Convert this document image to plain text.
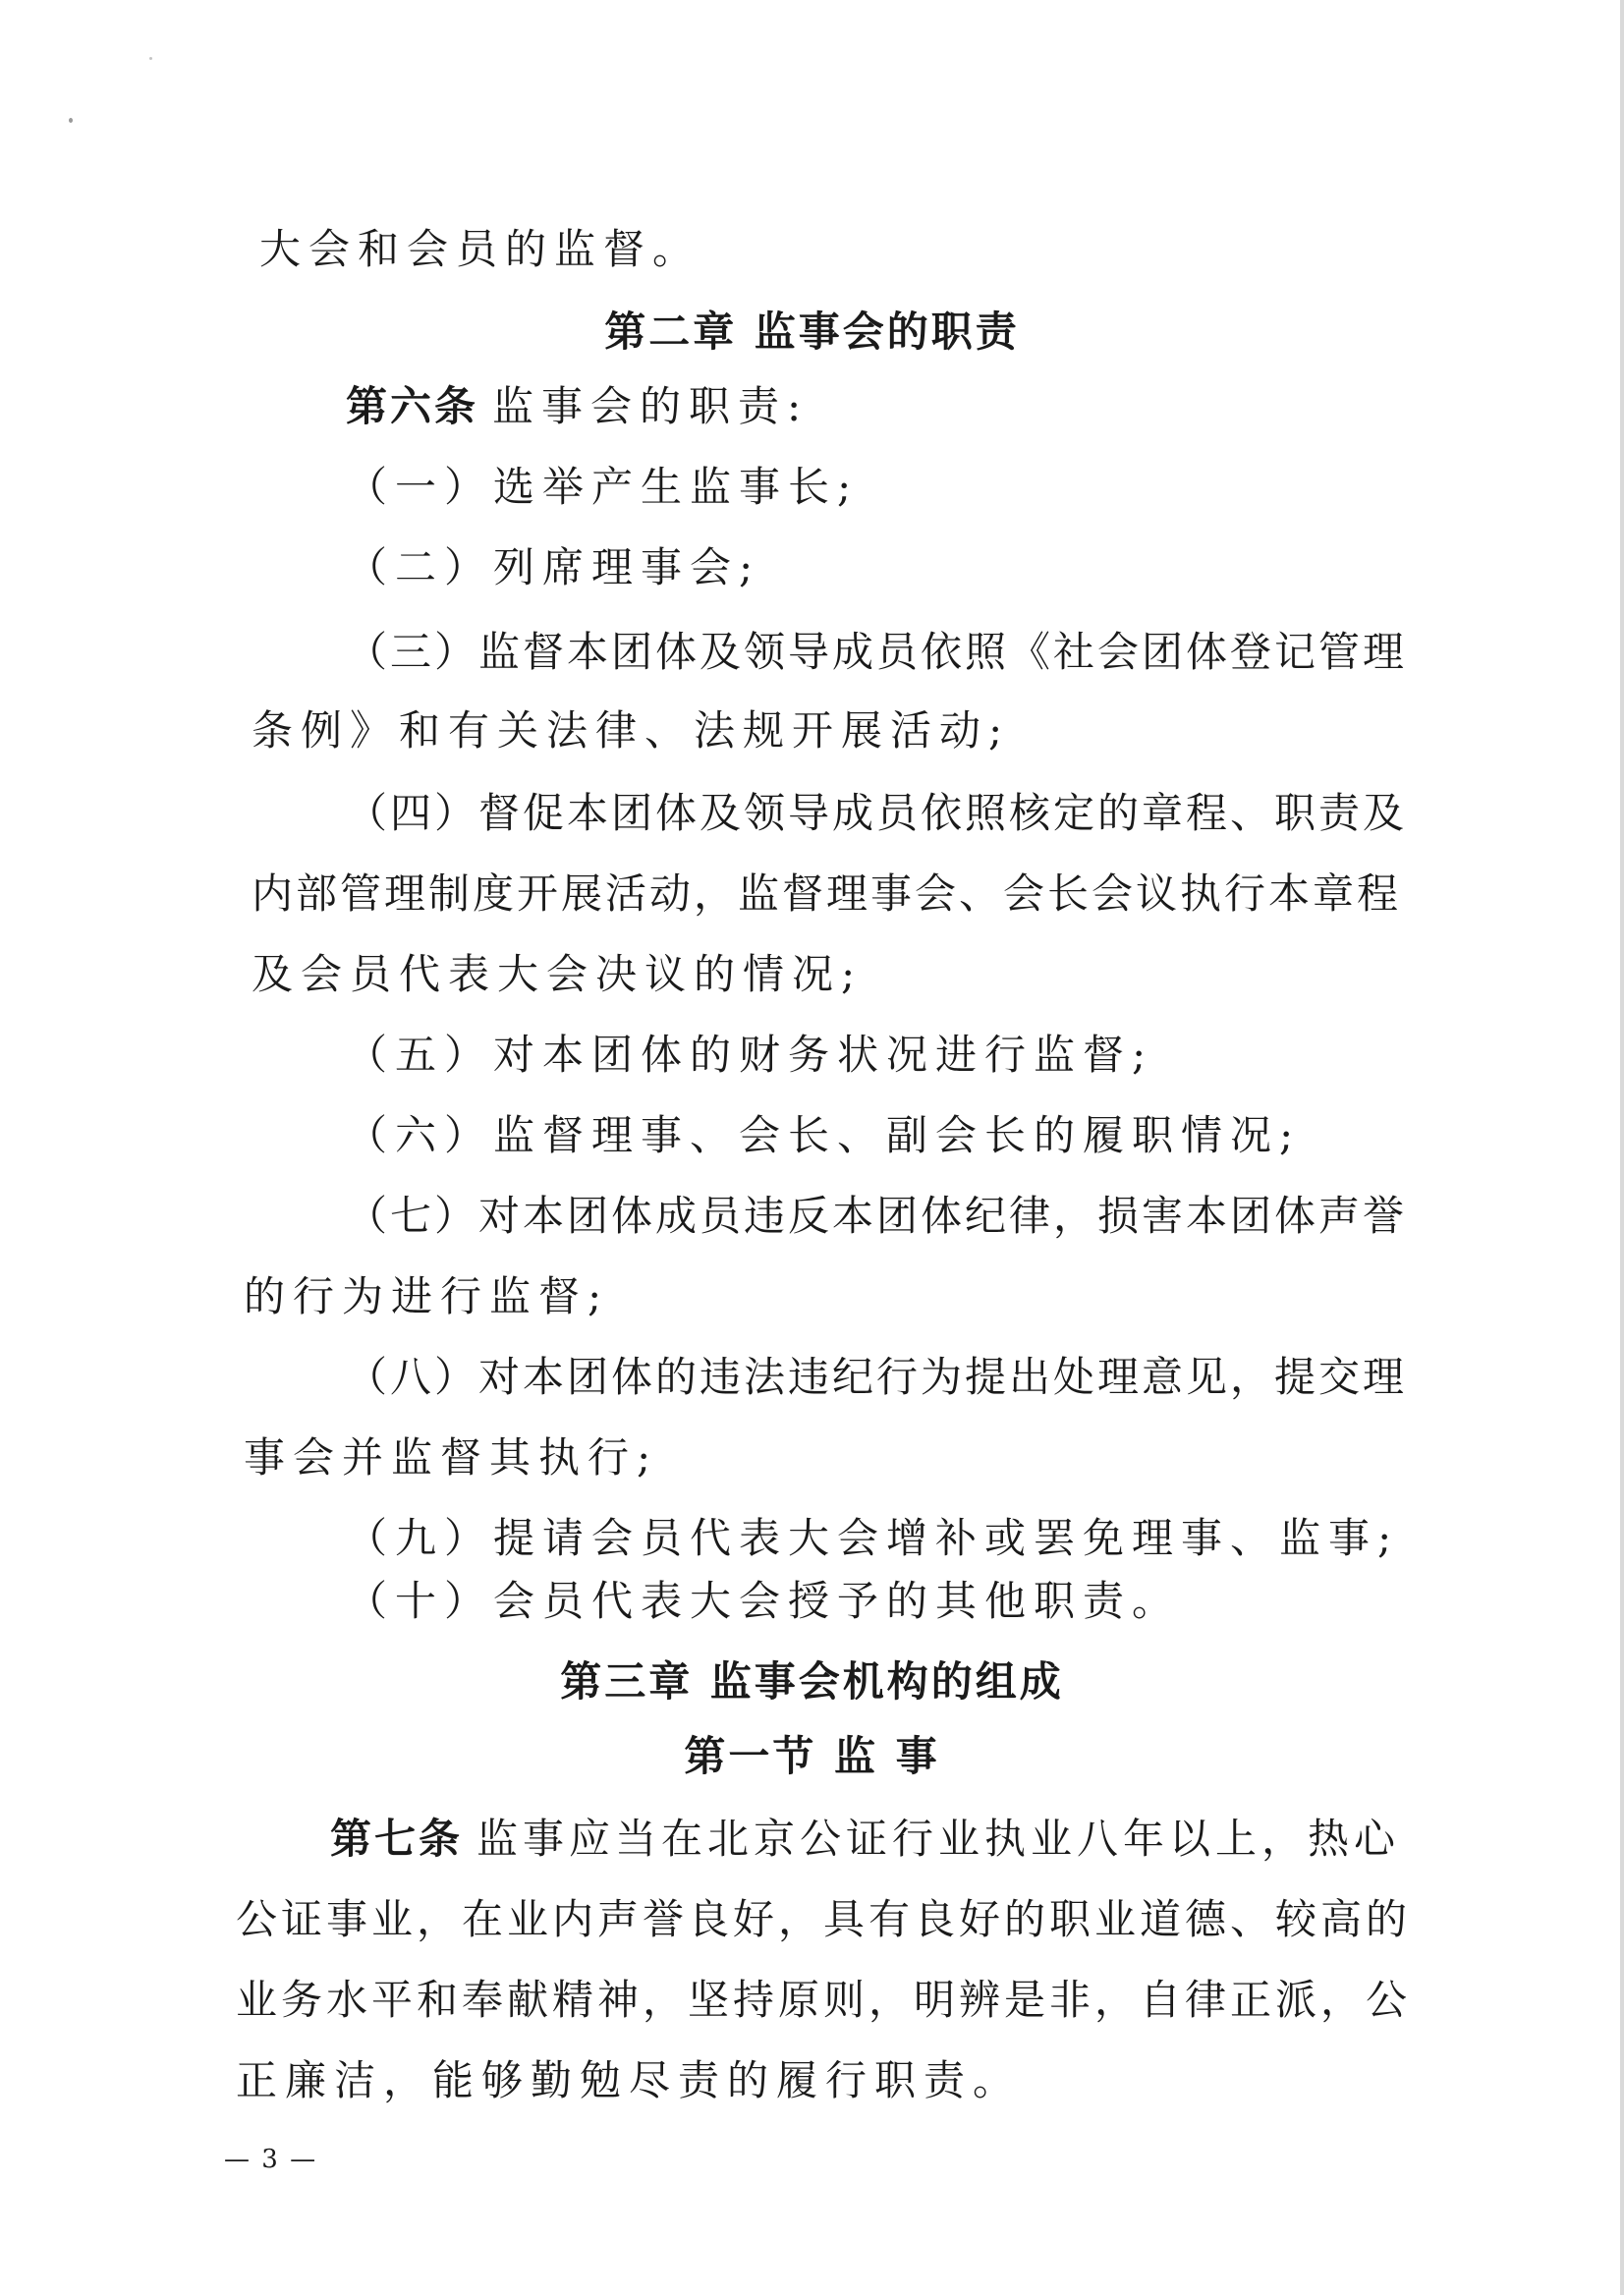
大会和会员的监督。
第二章 监事会的职责
第六条 监事会的职责:
（一）选举产生监事长;
（二）列席理事会;
（三）监督本团体及领导成员依照《社会团体登记管理
条例》和有关法律、法规开展活动;
（四）督促本团体及领导成员依照核定的章程、职责及
内部管理制度开展活动，监督理事会、会长会议执行本章程
及会员代表大会决议的情况;
（五）对本团体的财务状况进行监督;
（六）监督理事、会长、副会长的履职情况;
（七）对本团体成员违反本团体纪律，损害本团体声誉
的行为进行监督;
（八）对本团体的违法违纪行为提出处理意见，提交理
事会并监督其执行;
（九）提请会员代表大会增补或罢免理事、监事;
（十）会员代表大会授予的其他职责。
第三章 监事会机构的组成
第一节 监 事
第七条 监事应当在北京公证行业执业八年以上，热心
公证事业，在业内声誉良好，具有良好的职业道德、较高的
业务水平和奉献精神，坚持原则，明辨是非，自律正派，公
正廉洁，能够勤勉尽责的履行职责。
— 3 —
